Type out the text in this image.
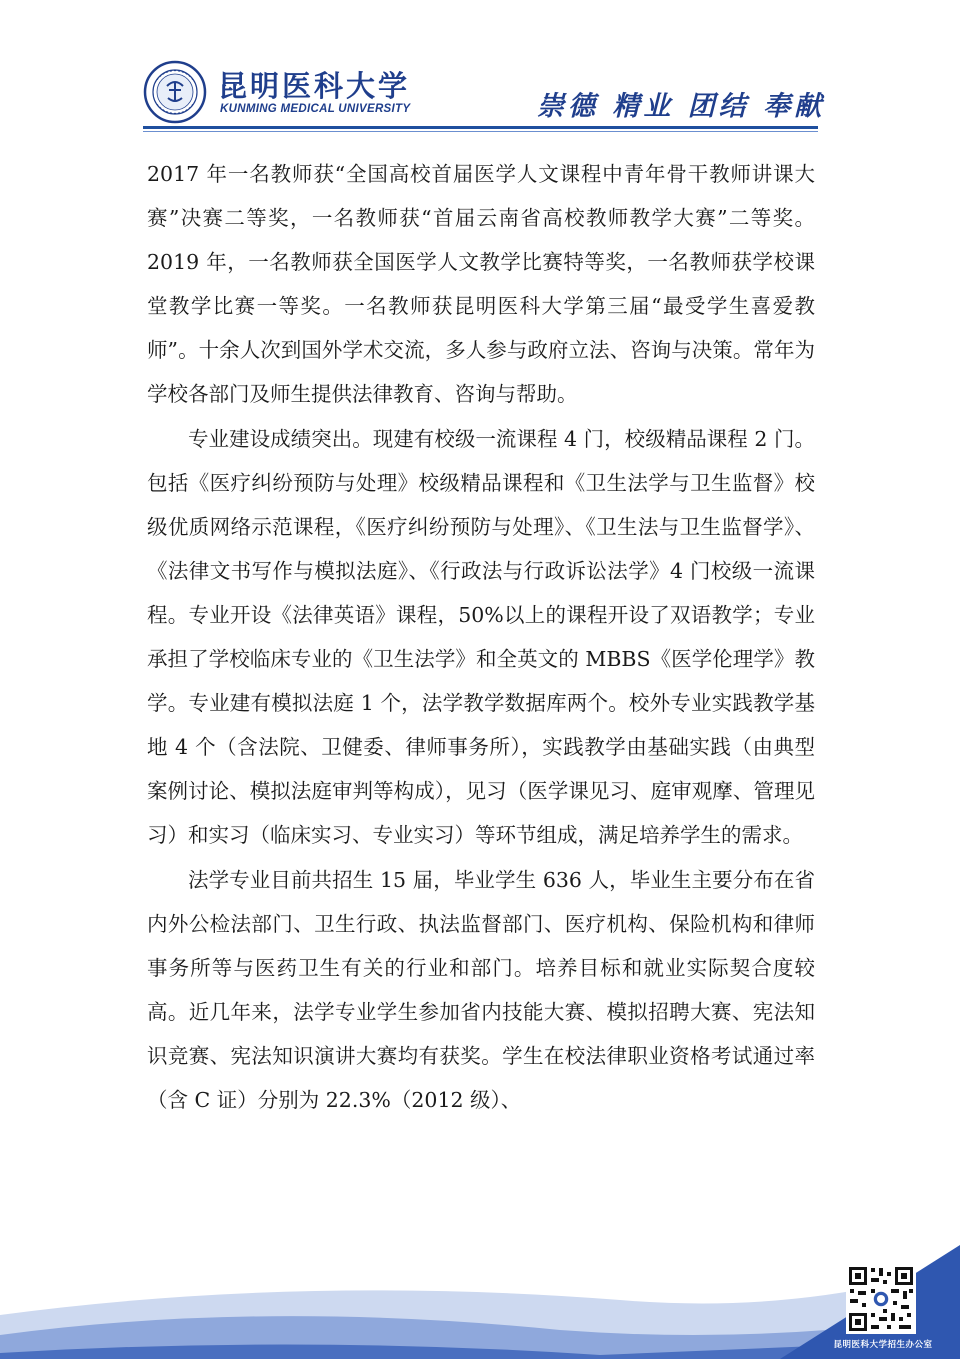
昆明医科大学
KUNMING MEDICAL UNIVERSITY	崇德 精业 团结 奉献

2017 年一名教师获“全国高校首届医学人文课程中青年骨干教师讲课大赛”决赛二等奖，一名教师获“首届云南省高校教师教学大赛”二等奖。2019 年，一名教师获全国医学人文教学比赛特等奖，一名教师获学校课堂教学比赛一等奖。一名教师获昆明医科大学第三届“最受学生喜爱教师”。十余人次到国外学术交流，多人参与政府立法、咨询与决策。常年为学校各部门及师生提供法律教育、咨询与帮助。

专业建设成绩突出。现建有校级一流课程 4 门，校级精品课程 2 门。包括《医疗纠纷预防与处理》校级精品课程和《卫生法学与卫生监督》校级优质网络示范课程，《医疗纠纷预防与处理》、《卫生法与卫生监督学》、《法律文书写作与模拟法庭》、《行政法与行政诉讼法学》4 门校级一流课程。专业开设《法律英语》课程，50%以上的课程开设了双语教学；专业承担了学校临床专业的《卫生法学》和全英文的 MBBS《医学伦理学》教学。专业建有模拟法庭 1 个，法学教学数据库两个。校外专业实践教学基地 4 个（含法院、卫健委、律师事务所），实践教学由基础实践（由典型案例讨论、模拟法庭审判等构成），见习（医学课见习、庭审观摩、管理见习）和实习（临床实习、专业实习）等环节组成，满足培养学生的需求。

法学专业目前共招生 15 届，毕业学生 636 人，毕业生主要分布在省内外公检法部门、卫生行政、执法监督部门、医疗机构、保险机构和律师事务所等与医药卫生有关的行业和部门。培养目标和就业实际契合度较高。近几年来，法学专业学生参加省内技能大赛、模拟招聘大赛、宪法知识竞赛、宪法知识演讲大赛均有获奖。学生在校法律职业资格考试通过率（含 C 证）分别为 22.3%（2012 级）、

昆明医科大学招生办公室
